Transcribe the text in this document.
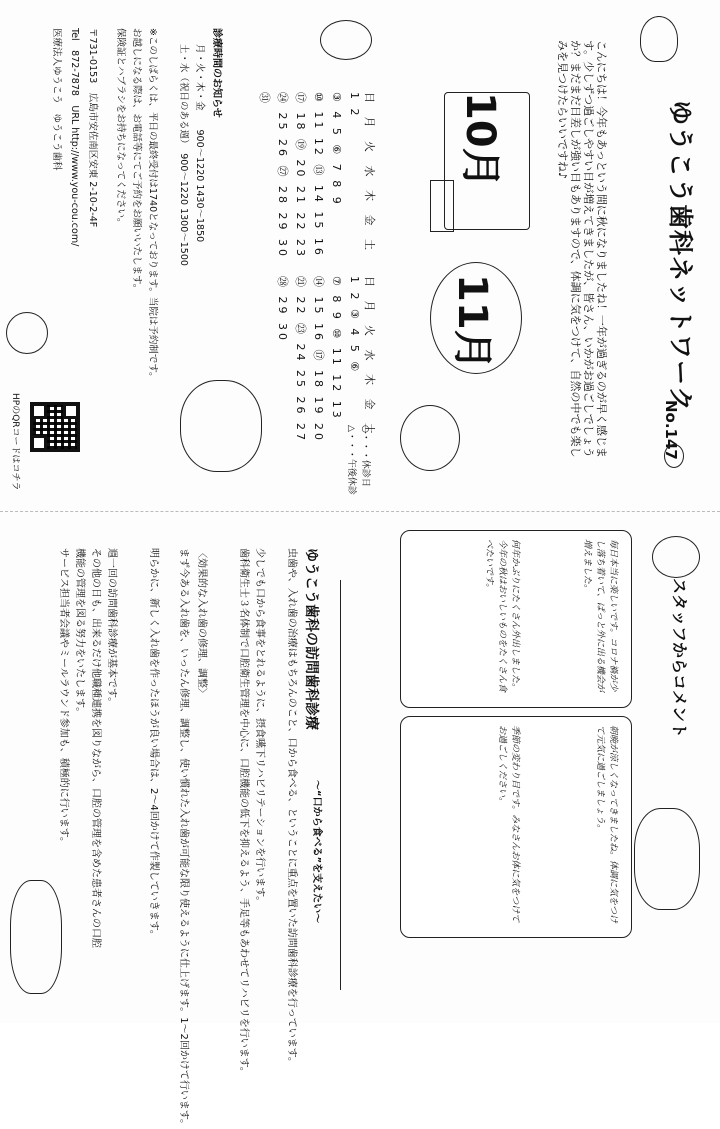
ゆうこう歯科ネットワーク
No.147
こんにちは！今年もあっという間に秋になりましたね！一年が過ぎるのが早く感じます。少しずつ過ごしやすい日が増えてきましたが、皆さん、いかがお過ごしでしょうか？まだまだ日差しが強い日もありますので、体調に気をつけて、自然の中でも楽しみを見つけたらいいですね♪
10月
日 月 火 水 木 金 土
1 2
③ 4 5 ⑥ 7 8 9
⑩ 11 12 ⑬ 14 15 16
⑰ 18 ⑲ 20 21 22 23
㉔ 25 26 ㉗ 28 29 30
㉛
11月
日 月 火 水 木 金 土
1 2 ③ 4 5 ⑥
⑦ 8 9 ⑩ 11 12 13
⑭ 15 16 ⑰ 18 19 20
㉑ 22 ㉓ 24 25 26 27
㉘ 29 30
○・・・休診日
△・・・午後休診
診療時間のお知らせ
月・火・木・金　　900〜1220 1430〜1850
土・水（祝日のある週）　900〜1220 1300〜1500
※このしばらくは、平日の最終受付は1740となっております。当院は予約制です。
お越しになる際は、お電話等にてご予約をお願いいたします。
保険証とハブラシをお持ちになってください。
〒731-0153　広島市安佐南区安東 2-10-2-4F
Tel　872-7878　URL http://www.you-cou.com/
医療法人ゆうこう　ゆうこう歯科
HPのQRコードはコチラ
スタッフからコメント
毎日本当に楽しいです。コロナ禍が少し落ち着いて、ぱっと外に出る機会が増えました。
何年かぶりにたくさん外出しました。今年の秋はおいしいものをたくさん食べたいです。
朝晩が涼しくなってきましたね。体調に気をつけて元気に過ごしましょう。
季節の変わり目です。みなさんお体に気をつけてお過ごしください。
ゆうこう歯科の訪問歯科診療
〜“口から食べる”を支えたい〜
虫歯や、入れ歯の治療はもちろんのこと、口から食べる、ということに重点を置いた訪問歯科診療を行っています。
少しでも口から食事をとれるように、摂食嚥下リハビリテーションを行います。
歯科衛生士３名体制で口腔衛生管理を中心に、口腔機能の低下を抑えるよう、手足等もあわせてリハビリを行います。
〈効果的な入れ歯の修理、調整〉
まず今ある入れ歯を、いったん修理、調整し、使い慣れた入れ歯が可能な限り使えるように仕上げます。1〜2回かけて行います。
明らかに、新しく入れ歯を作ったほうが良い場合は、2〜4回かけて作製していきます。
週一回の訪問歯科診療が基本です。
その他の日も、出来るだけ他職種連携を図りながら、口腔の管理を含めた患者さんの口腔
機能の管理を図る努力をいたします。
サービス担当者会議やミールラウンド参加も、積極的に行います。
